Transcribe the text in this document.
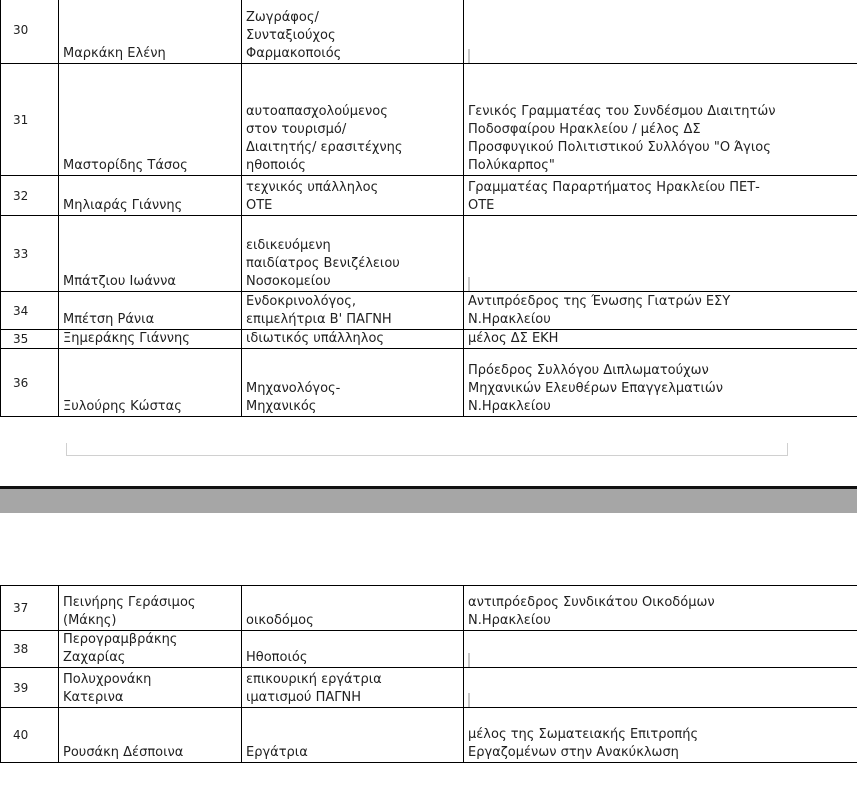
30	Μαρκάκη Ελένη	Ζωγράφος/
Συνταξιούχος
Φαρμακοποιός	

31	Μαστορίδης Τάσος	αυτοαπασχολούμενος
στον τουρισμό/
Διαιτητής/ ερασιτέχνης
ηθοποιός	Γενικός Γραμματέας του Συνδέσμου Διαιτητών
Ποδοσφαίρου Ηρακλείου / μέλος ΔΣ
Προσφυγικού Πολιτιστικού Συλλόγου "Ο Άγιος
Πολύκαρπος"

32	Μηλιαράς Γιάννης	τεχνικός υπάλληλος
ΟΤΕ	Γραμματέας Παραρτήματος Ηρακλείου ΠΕΤ-
ΟΤΕ

33	Μπάτζιου Ιωάννα	ειδικευόμενη
παιδίατρος Βενιζέλειου
Νοσοκομείου	

34	Μπέτση Ράνια	Ενδοκρινολόγος,
επιμελήτρια Β' ΠΑΓΝΗ	Αντιπρόεδρος της Ένωσης Γιατρών ΕΣΥ
Ν.Ηρακλείου

35	Ξημεράκης Γιάννης	ιδιωτικός υπάλληλος	μέλος ΔΣ ΕΚΗ

36	Ξυλούρης Κώστας	Μηχανολόγος-
Μηχανικός	Πρόεδρος Συλλόγου Διπλωματούχων
Μηχανικών Ελευθέρων Επαγγελματιών
Ν.Ηρακλείου
37	Πεινήρης Γεράσιμος
(Μάκης)	οικοδόμος	αντιπρόεδρος Συνδικάτου Οικοδόμων
Ν.Ηρακλείου

38	Περογραμβράκης
Ζαχαρίας	Ηθοποιός	

39	Πολυχρονάκη
Κατερινα	επικουρική εργάτρια
ιματισμού ΠΑΓΝΗ	

40	Ρουσάκη Δέσποινα	Εργάτρια	μέλος της Σωματειακής Επιτροπής
Εργαζομένων στην Ανακύκλωση
